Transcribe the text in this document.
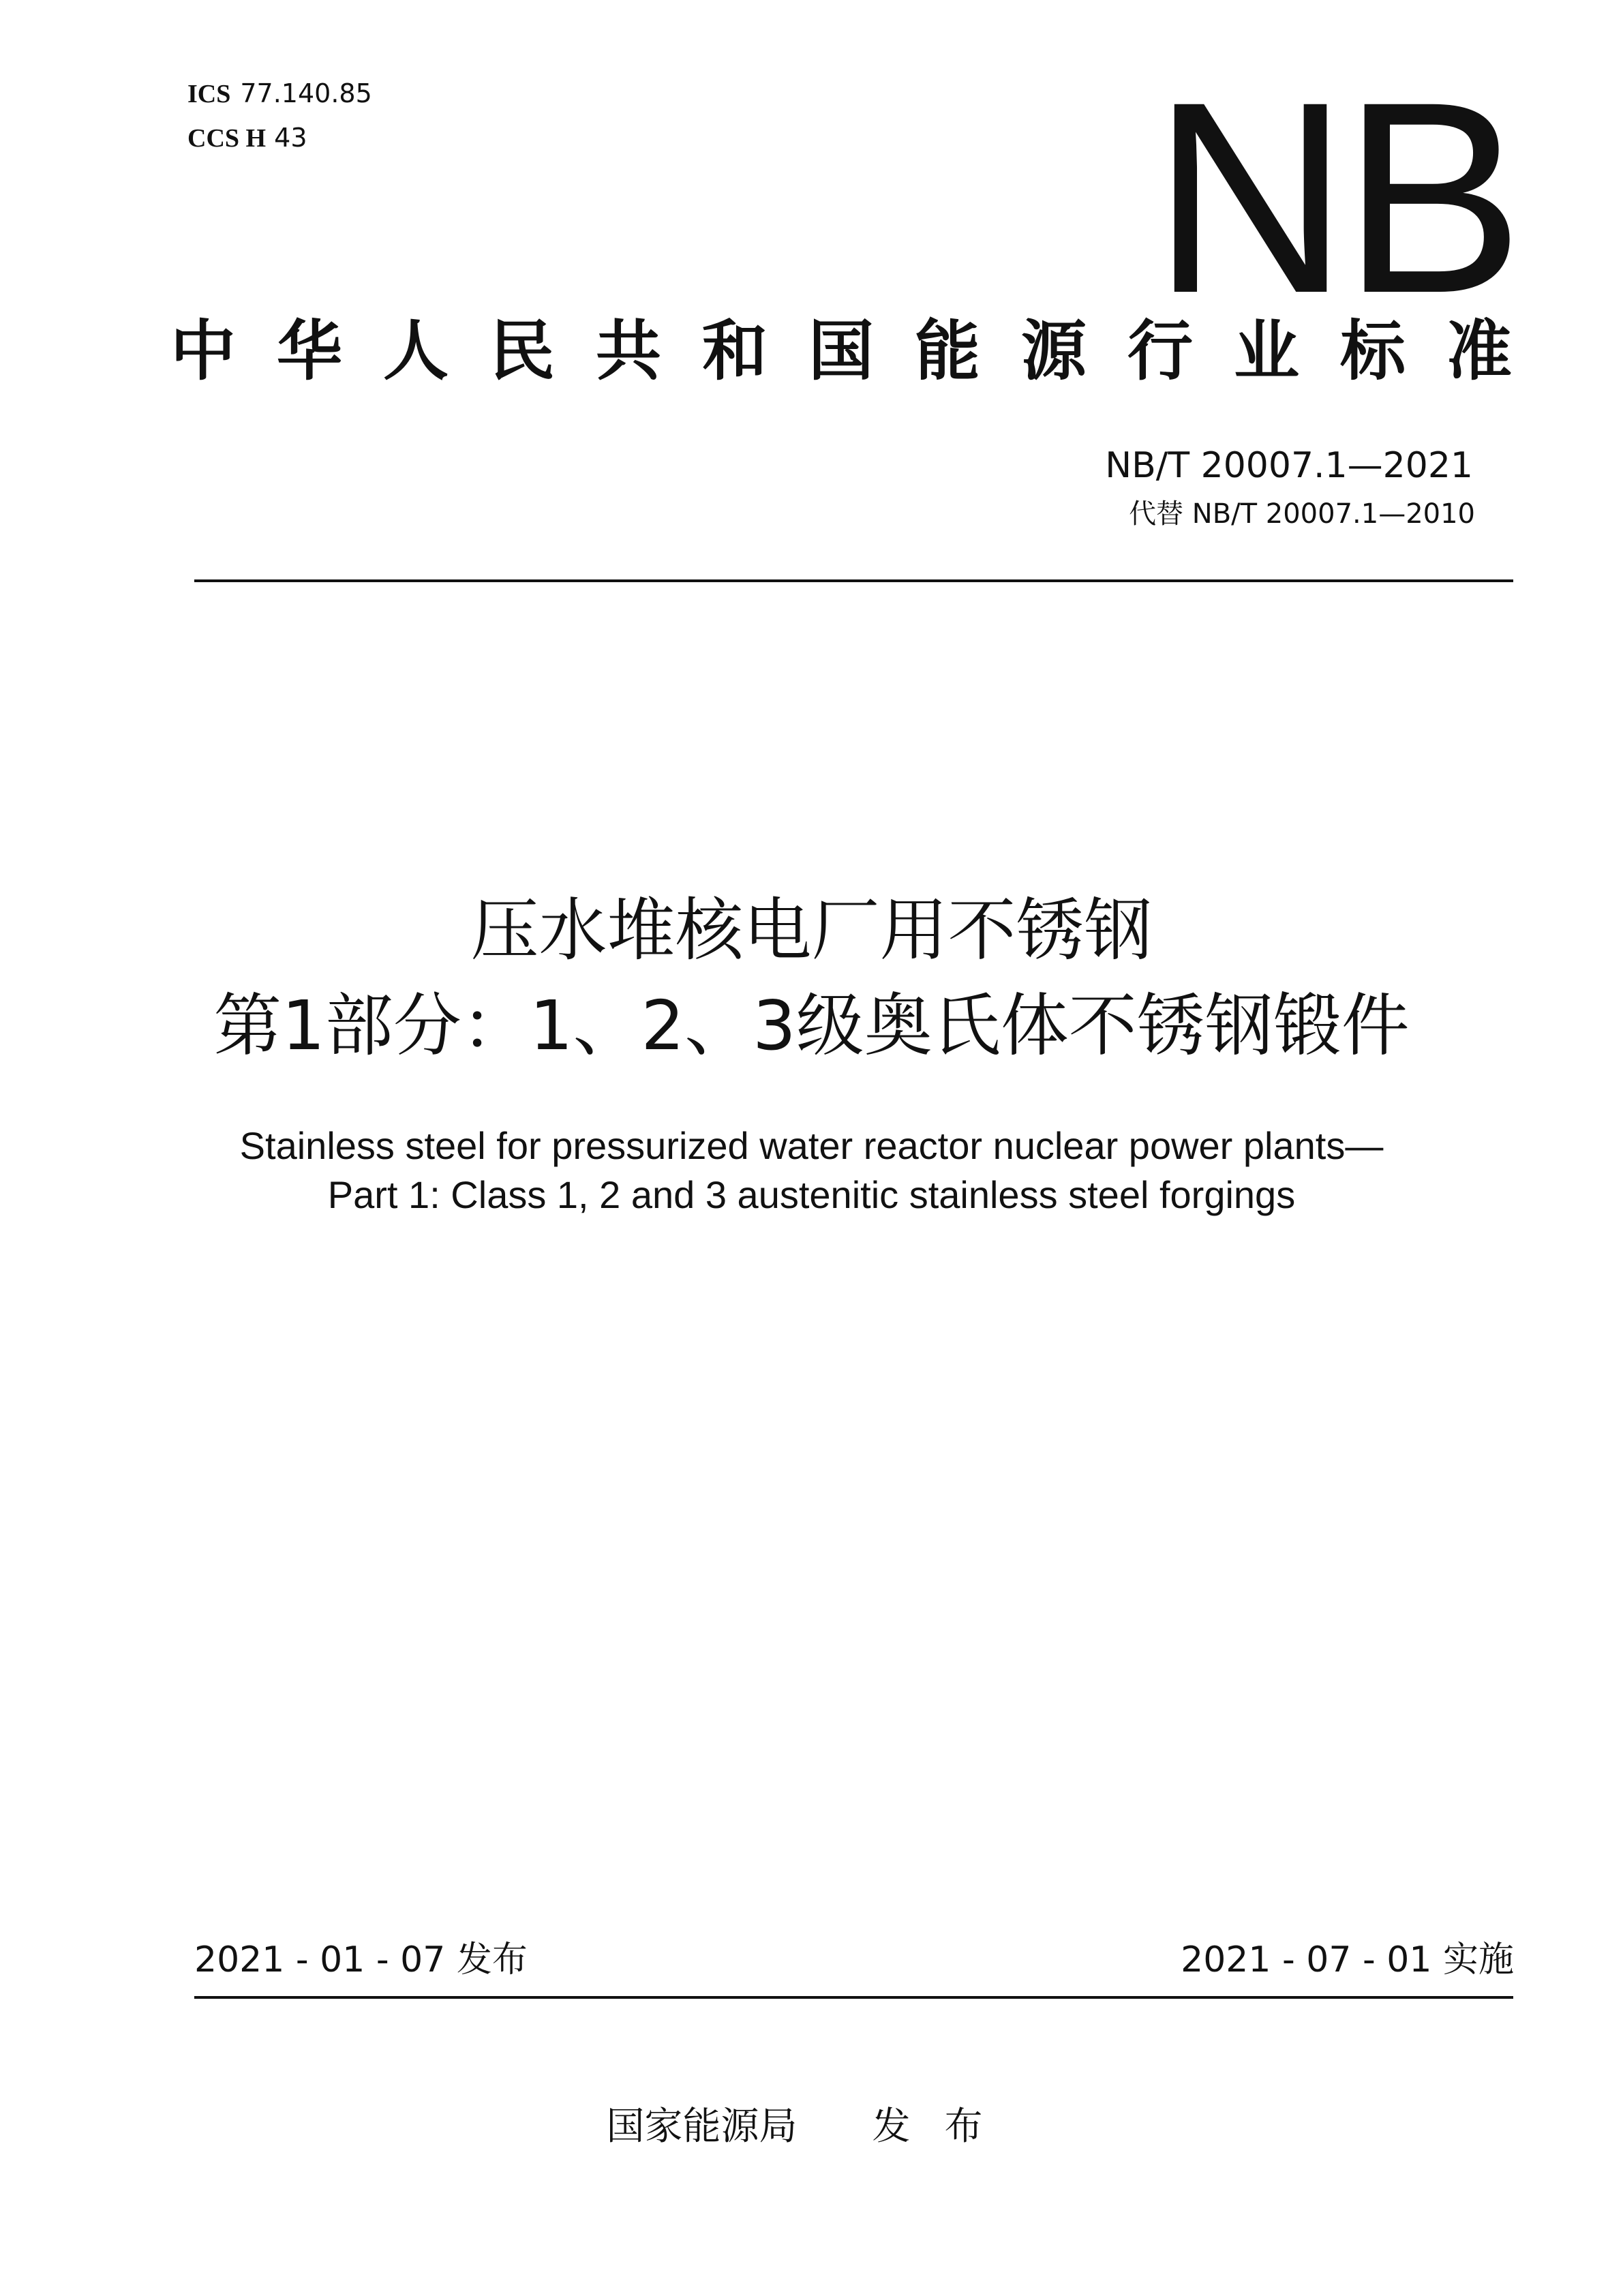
ICS 77.140.85
CCS H 43	NB
中华人民共和国能源行业标准
NB/T 20007.1—2021
代替 NB/T 20007.1—2010
压水堆核电厂用不锈钢
第1部分：1、2、3级奥氏体不锈钢锻件
Stainless steel for pressurized water reactor nuclear power plants—
Part 1: Class 1, 2 and 3 austenitic stainless steel forgings
2021 - 01 - 07 发布	2021 - 07 - 01 实施
国家能源局 发布
